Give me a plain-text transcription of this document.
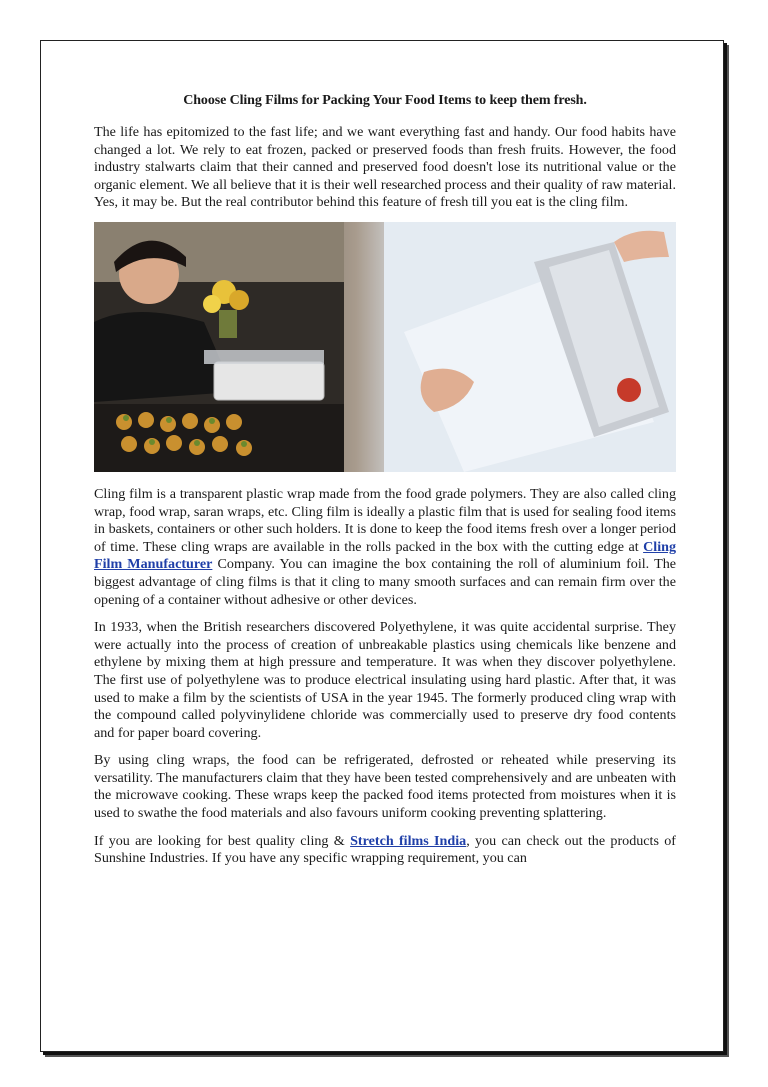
Choose Cling Films for Packing Your Food Items to keep them fresh.

The life has epitomized to the fast life; and we want everything fast and handy. Our food habits have changed a lot. We rely to eat frozen, packed or preserved foods than fresh fruits. However, the food industry stalwarts claim that their canned and preserved food doesn't lose its nutritional value or the organic element. We all believe that it is their well researched process and their quality of raw material. Yes, it may be. But the real contributor behind this feature of fresh till you eat is the cling film.

Cling film is a transparent plastic wrap made from the food grade polymers. They are also called cling wrap, food wrap, saran wraps, etc. Cling film is ideally a plastic film that is used for sealing food items in baskets, containers or other such holders. It is done to keep the food items fresh over a longer period of time. These cling wraps are available in the rolls packed in the box with the cutting edge at Cling Film Manufacturer Company. You can imagine the box containing the roll of aluminium foil. The biggest advantage of cling films is that it cling to many smooth surfaces and can remain firm over the opening of a container without adhesive or other devices.

In 1933, when the British researchers discovered Polyethylene, it was quite accidental surprise. They were actually into the process of creation of unbreakable plastics using chemicals like benzene and ethylene by mixing them at high pressure and temperature. It was when they discover polyethylene. The first use of polyethylene was to produce electrical insulating using hard plastic. After that, it was used to make a film by the scientists of USA in the year 1945. The formerly produced cling wrap with the compound called polyvinylidene chloride was commercially used to preserve dry food contents and for paper board covering.

By using cling wraps, the food can be refrigerated, defrosted or reheated while preserving its versatility. The manufacturers claim that they have been tested comprehensively and are unbeaten with the microwave cooking. These wraps keep the packed food items protected from moistures when it is used to swathe the food materials and also favours uniform cooking preventing splattering.

If you are looking for best quality cling & Stretch films India, you can check out the products of Sunshine Industries. If you have any specific wrapping requirement, you can
